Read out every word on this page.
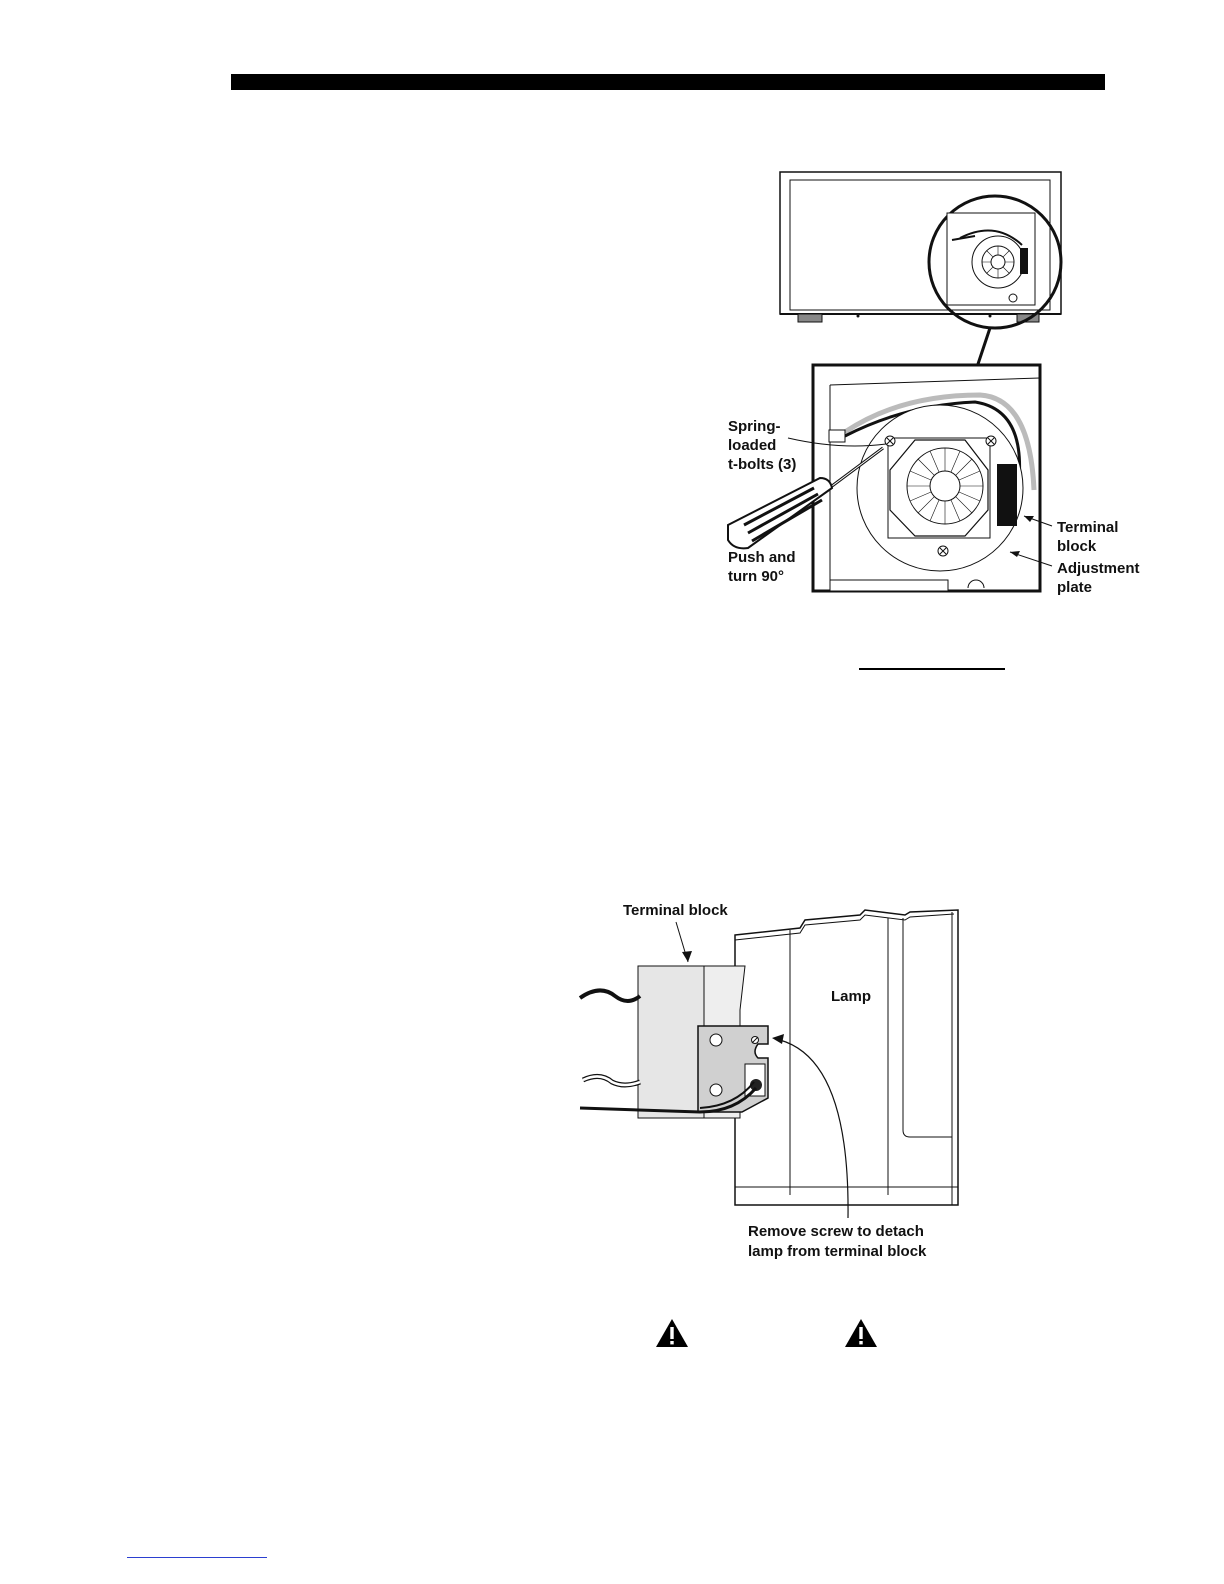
Spring-
loaded
t-bolts (3)
Push and
turn 90°
Terminal
block
Adjustment
plate
Terminal block
Lamp
Remove screw to detach
lamp from terminal block
